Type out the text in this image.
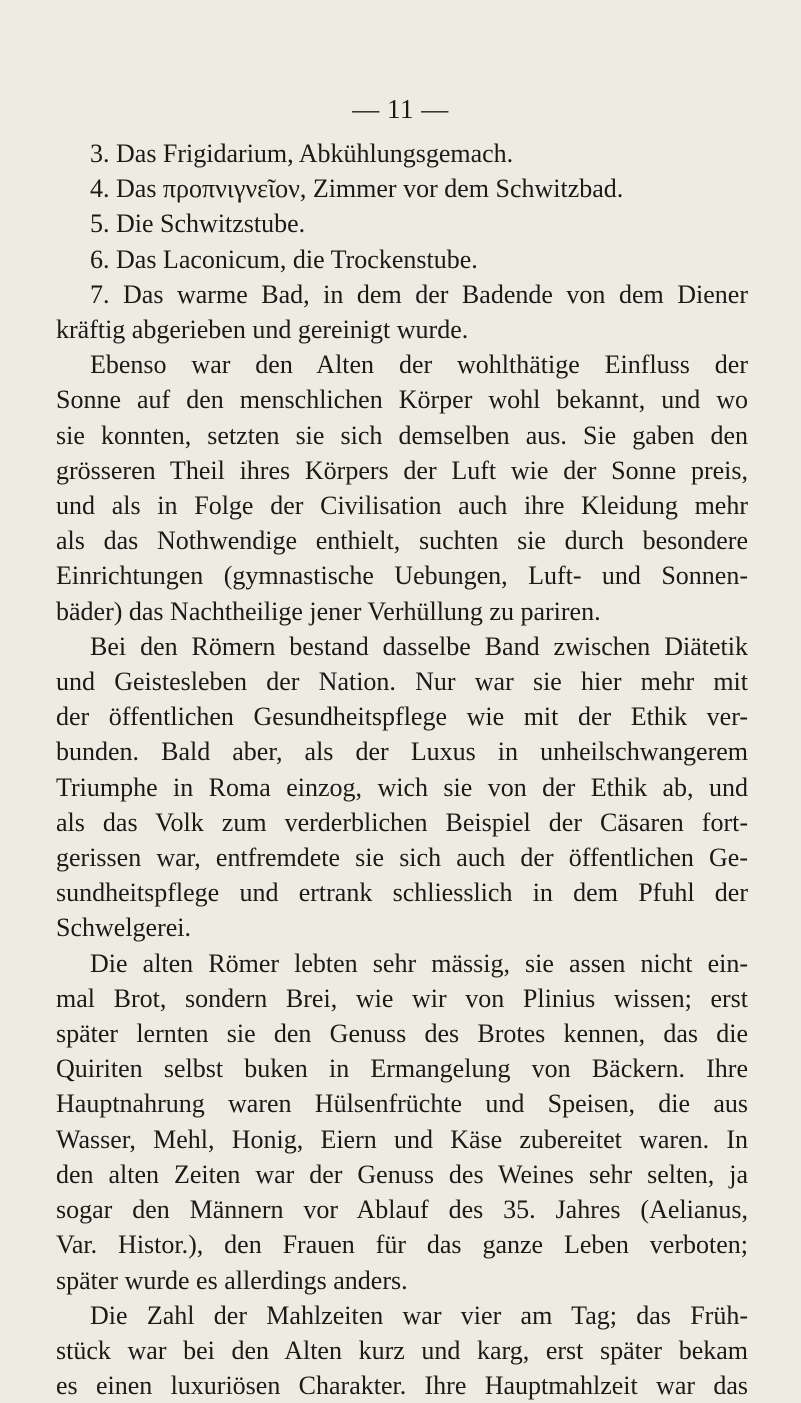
— 11 —
3. Das Frigidarium, Abkühlungsgemach.
4. Das προπνιγνεῖον, Zimmer vor dem Schwitzbad.
5. Die Schwitzstube.
6. Das Laconicum, die Trockenstube.
7. Das warme Bad, in dem der Badende von dem Diener
kräftig abgerieben und gereinigt wurde.
Ebenso war den Alten der wohlthätige Einfluss der
Sonne auf den menschlichen Körper wohl bekannt, und wo
sie konnten, setzten sie sich demselben aus. Sie gaben den
grösseren Theil ihres Körpers der Luft wie der Sonne preis,
und als in Folge der Civilisation auch ihre Kleidung mehr
als das Nothwendige enthielt, suchten sie durch besondere
Einrichtungen (gymnastische Uebungen, Luft- und Sonnen-
bäder) das Nachtheilige jener Verhüllung zu pariren.
Bei den Römern bestand dasselbe Band zwischen Diätetik
und Geistesleben der Nation. Nur war sie hier mehr mit
der öffentlichen Gesundheitspflege wie mit der Ethik ver-
bunden. Bald aber, als der Luxus in unheilschwangerem
Triumphe in Roma einzog, wich sie von der Ethik ab, und
als das Volk zum verderblichen Beispiel der Cäsaren fort-
gerissen war, entfremdete sie sich auch der öffentlichen Ge-
sundheitspflege und ertrank schliesslich in dem Pfuhl der
Schwelgerei.
Die alten Römer lebten sehr mässig, sie assen nicht ein-
mal Brot, sondern Brei, wie wir von Plinius wissen; erst
später lernten sie den Genuss des Brotes kennen, das die
Quiriten selbst buken in Ermangelung von Bäckern. Ihre
Hauptnahrung waren Hülsenfrüchte und Speisen, die aus
Wasser, Mehl, Honig, Eiern und Käse zubereitet waren. In
den alten Zeiten war der Genuss des Weines sehr selten, ja
sogar den Männern vor Ablauf des 35. Jahres (Aelianus,
Var. Histor.), den Frauen für das ganze Leben verboten;
später wurde es allerdings anders.
Die Zahl der Mahlzeiten war vier am Tag; das Früh-
stück war bei den Alten kurz und karg, erst später bekam
es einen luxuriösen Charakter. Ihre Hauptmahlzeit war das
